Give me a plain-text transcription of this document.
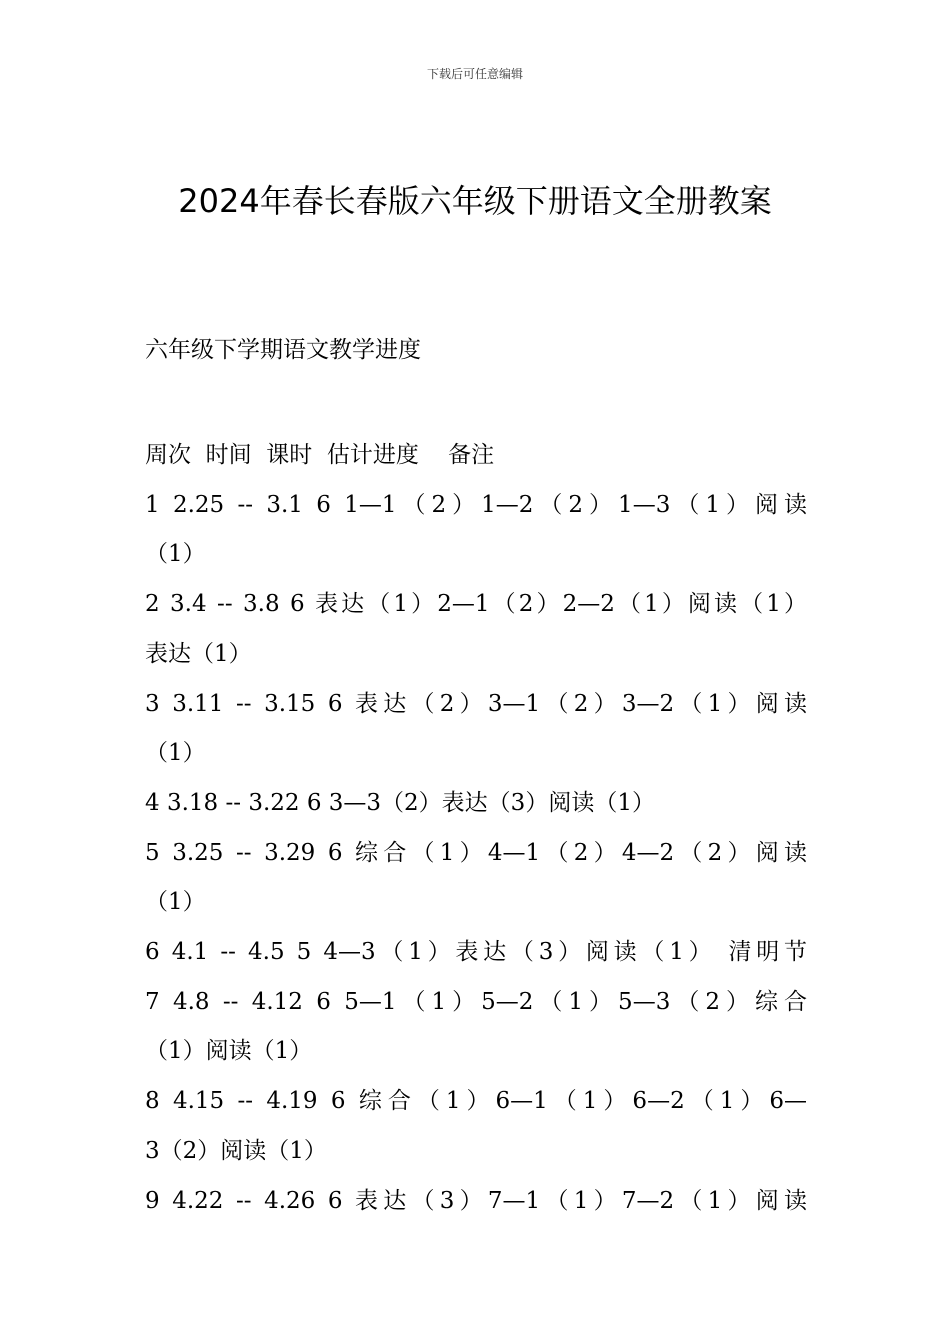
下载后可任意编辑
2024年春长春版六年级下册语文全册教案
六年级下学期语文教学进度
周次  时间  课时  估计进度    备注
1 2.25 -- 3.1 6 1—1（2）1—2（2）1—3（1）阅读
（1）
2 3.4 -- 3.8 6 表达（1）2—1（2）2—2（1）阅读（1）
表达（1）
3 3.11 -- 3.15 6 表达（2）3—1（2）3—2（1）阅读
（1）
4 3.18 -- 3.22 6 3—3（2）表达（3）阅读（1）
5 3.25 -- 3.29 6 综合（1）4—1（2）4—2（2）阅读
（1）
6 4.1 -- 4.5 5 4—3（1）表达（3）阅读（1） 清明节
7 4.8 -- 4.12 6 5—1（1）5—2（1）5—3（2）综合
（1）阅读（1）
8 4.15 -- 4.19 6 综合（1）6—1（1）6—2（1）6—
3（2）阅读（1）
9 4.22 -- 4.26 6 表达（3）7—1（1）7—2（1）阅读
